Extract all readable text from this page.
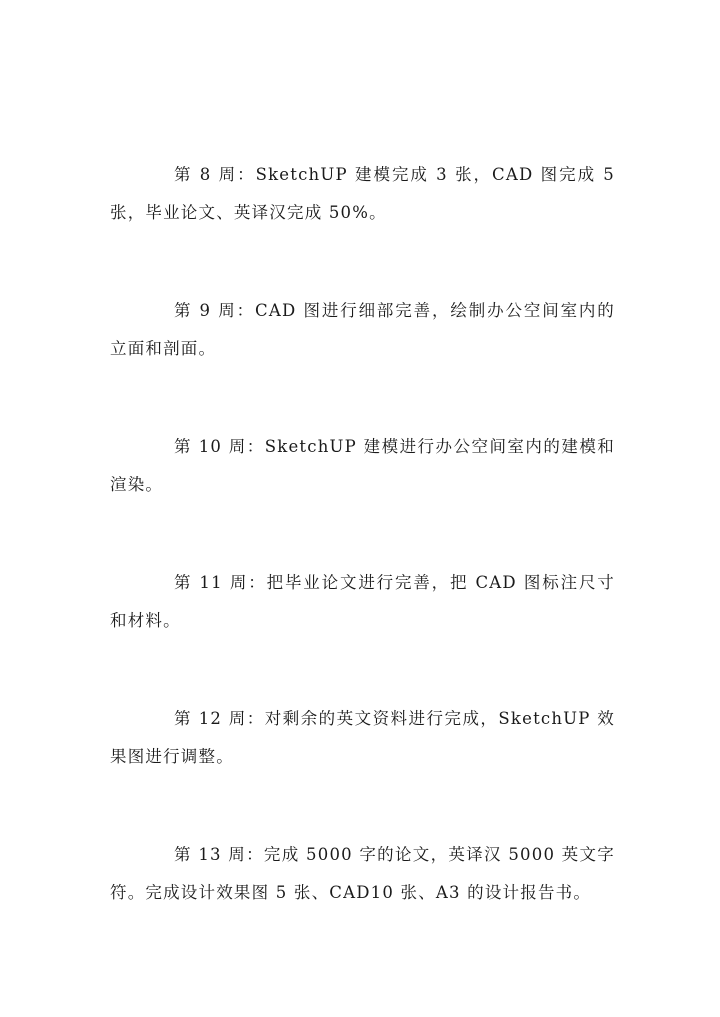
第 8 周：SketchUP 建模完成 3 张，CAD 图完成 5 张，毕业论文、英译汉完成 50%。

第 9 周：CAD 图进行细部完善，绘制办公空间室内的立面和剖面。

第 10 周：SketchUP 建模进行办公空间室内的建模和渲染。

第 11 周：把毕业论文进行完善，把 CAD 图标注尺寸和材料。

第 12 周：对剩余的英文资料进行完成，SketchUP 效果图进行调整。

第 13 周：完成 5000 字的论文，英译汉 5000 英文字符。完成设计效果图 5 张、CAD10 张、A3 的设计报告书。
